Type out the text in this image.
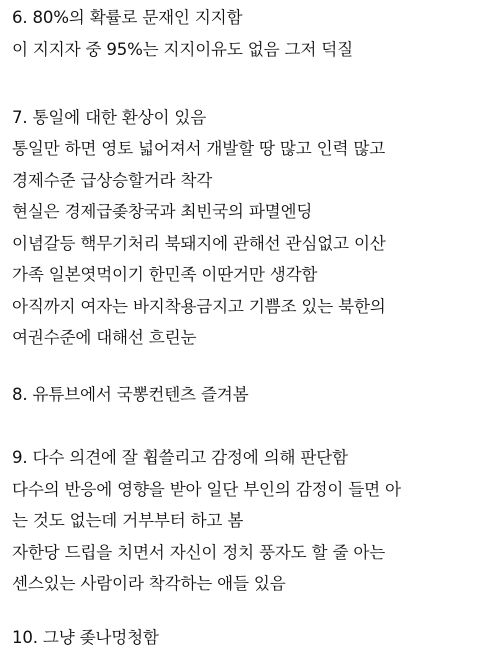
6. 80%의 확률로 문재인 지지함
이 지지자 중 95%는 지지이유도 없음 그저 덕질
7. 통일에 대한 환상이 있음
통일만 하면 영토 넓어져서 개발할 땅 많고 인력 많고
경제수준 급상승할거라 착각
현실은 경제급좆창국과 최빈국의 파멸엔딩
이념갈등 핵무기처리 북돼지에 관해선 관심없고 이산
가족 일본엿먹이기 한민족 이딴거만 생각함
아직까지 여자는 바지착용금지고 기쁨조 있는 북한의
여권수준에 대해선 흐린눈
8. 유튜브에서 국뽕컨텐츠 즐겨봄
9. 다수 의견에 잘 휩쓸리고 감정에 의해 판단함
다수의 반응에 영향을 받아 일단 부인의 감정이 들면 아
는 것도 없는데 거부부터 하고 봄
자한당 드립을 치면서 자신이 정치 풍자도 할 줄 아는
센스있는 사람이라 착각하는 애들 있음
10. 그냥 좆나멍청함
